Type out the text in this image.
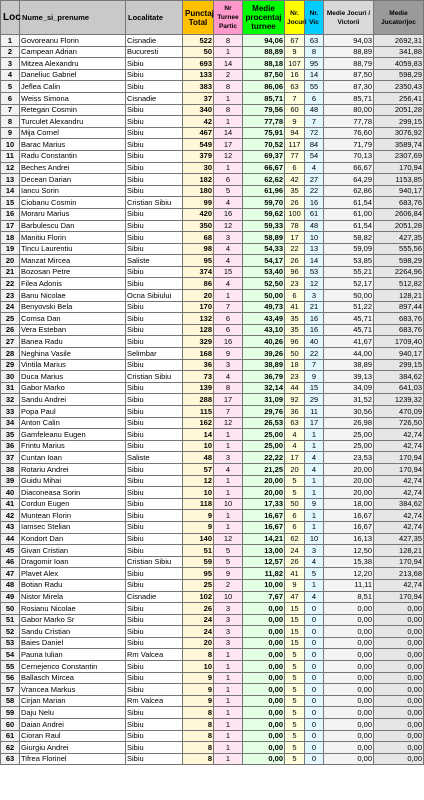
Loc	Nume_si_prenume	Localitate	Punctaj Total	Nr Turnee Partic	Medie procentaj turnee	Nr. Jocuri	Nr. Vic	Medie Jocuri / Victorii	Medie Jucator/joc
1	Govoreanu Florin	Cisnadie	522	8	94,06	67	63	94,03	2692,31
2	Campean Adrian	Bucuresti	50	1	88,89	9	8	88,89	341,88
3	Mitzea Alexandru	Sibiu	693	14	88,18	107	95	88,79	4059,83
4	Daneliuc Gabriel	Sibiu	133	2	87,50	16	14	87,50	598,29
5	Jeflea Calin	Sibiu	383	8	86,06	63	55	87,30	2350,43
6	Weiss Simona	Cisnadie	37	1	85,71	7	6	85,71	256,41
7	Retegan Cosmin	Sibiu	340	8	79,56	60	48	80,00	2051,28
8	Turculet Alexandru	Sibiu	42	1	77,78	9	7	77,78	299,15
9	Mija Cornel	Sibiu	467	14	75,91	94	72	76,60	3076,92
10	Barac Marius	Sibiu	549	17	70,52	117	84	71,79	3589,74
11	Radu Constantin	Sibiu	379	12	69,37	77	54	70,13	2307,69
12	Beches Andrei	Sibiu	30	1	66,67	6	4	66,67	170,94
13	Decean Darian	Sibiu	182	6	62,62	42	27	64,29	1153,85
14	Iancu Sorin	Sibiu	180	5	61,96	35	22	62,86	940,17
15	Ciobanu Cosmin	Cristian Sibiu	99	4	59,70	26	16	61,54	683,76
16	Moraru Marius	Sibiu	420	16	59,62	100	61	61,00	2606,84
17	Barbulescu Dan	Sibiu	350	12	59,33	78	48	61,54	2051,28
18	Manitiu Florin	Sibiu	68	3	58,89	17	10	58,82	427,35
19	Tincu Laurentiu	Sibiu	98	4	54,33	22	13	59,09	555,56
20	Manzat Mircea	Saliste	95	4	54,17	26	14	53,85	598,29
21	Bozosan Petre	Sibiu	374	15	53,40	96	53	55,21	2264,96
22	Filea Adonis	Sibiu	86	4	52,50	23	12	52,17	512,82
23	Banu Nicolae	Ocna Sibiului	20	1	50,00	6	3	50,00	128,21
24	Benyovski Bela	Sibiu	170	7	49,73	41	21	51,22	897,44
25	Comsa Dan	Sibiu	132	6	43,49	35	16	45,71	683,76
26	Vera Esteban	Sibiu	128	6	43,10	35	16	45,71	683,76
27	Banea Radu	Sibiu	329	16	40,26	96	40	41,67	1709,40
28	Neghina Vasile	Selimbar	168	9	39,26	50	22	44,00	940,17
29	Vintila Marius	Sibiu	36	3	38,89	18	7	38,89	299,15
30	Duca Marius	Cristian Sibiu	73	4	36,79	23	9	39,13	384,62
31	Gabor Marko	Sibiu	139	8	32,14	44	15	34,09	641,03
32	Sandu Andrei	Sibiu	288	17	31,09	92	29	31,52	1239,32
33	Popa Paul	Sibiu	115	7	29,76	36	11	30,56	470,09
34	Anton Calin	Sibiu	162	12	26,53	63	17	26,98	726,50
35	Gamfeleanu Eugen	Sibiu	14	1	25,00	4	1	25,00	42,74
36	Frintu Marius	Sibiu	10	1	25,00	4	1	25,00	42,74
37	Cuntan Ioan	Saliste	48	3	22,22	17	4	23,53	170,94
38	Rotariu Andrei	Sibiu	57	4	21,25	20	4	20,00	170,94
39	Guidu Mihai	Sibiu	12	1	20,00	5	1	20,00	42,74
40	Diaconeasa Sorin	Sibiu	10	1	20,00	5	1	20,00	42,74
41	Cordun Eugen	Sibiu	118	10	17,33	50	9	18,00	384,62
42	Muntean Florin	Sibiu	9	1	16,67	6	1	16,67	42,74
43	Iamsec Stelian	Sibiu	9	1	16,67	6	1	16,67	42,74
44	Kondort Dan	Sibiu	140	12	14,21	62	10	16,13	427,35
45	Givan Cristian	Sibiu	51	5	13,00	24	3	12,50	128,21
46	Dragomir Ioan	Cristian Sibiu	59	5	12,57	26	4	15,38	170,94
47	Plavet Alex	Sibiu	95	9	11,82	41	5	12,20	213,68
48	Botian Radu	Sibiu	25	2	10,00	9	1	11,11	42,74
49	Nistor Mirela	Cisnadie	102	10	7,67	47	4	8,51	170,94
50	Rosianu Nicolae	Sibiu	26	3	0,00	15	0	0,00	0,00
51	Gabor Marko Sr	Sibiu	24	3	0,00	15	0	0,00	0,00
52	Sandu Cristian	Sibiu	24	3	0,00	15	0	0,00	0,00
53	Baies Daniel	Sibiu	20	3	0,00	15	0	0,00	0,00
54	Pauna Iulian	Rm Valcea	8	1	0,00	5	0	0,00	0,00
55	Cernejenco Constantin	Sibiu	10	1	0,00	5	0	0,00	0,00
56	Ballasch Mircea	Sibiu	9	1	0,00	5	0	0,00	0,00
57	Vrancea Markus	Sibiu	9	1	0,00	5	0	0,00	0,00
58	Cirjan Marian	Rm Valcea	9	1	0,00	5	0	0,00	0,00
59	Daju Nelu	Sibiu	8	1	0,00	5	0	0,00	0,00
60	Daian Andrei	Sibiu	8	1	0,00	5	0	0,00	0,00
61	Cioran Raul	Sibiu	8	1	0,00	5	0	0,00	0,00
62	Giurgiu Andrei	Sibiu	8	1	0,00	5	0	0,00	0,00
63	Tifrea Florinel	Sibiu	8	1	0,00	5	0	0,00	0,00
